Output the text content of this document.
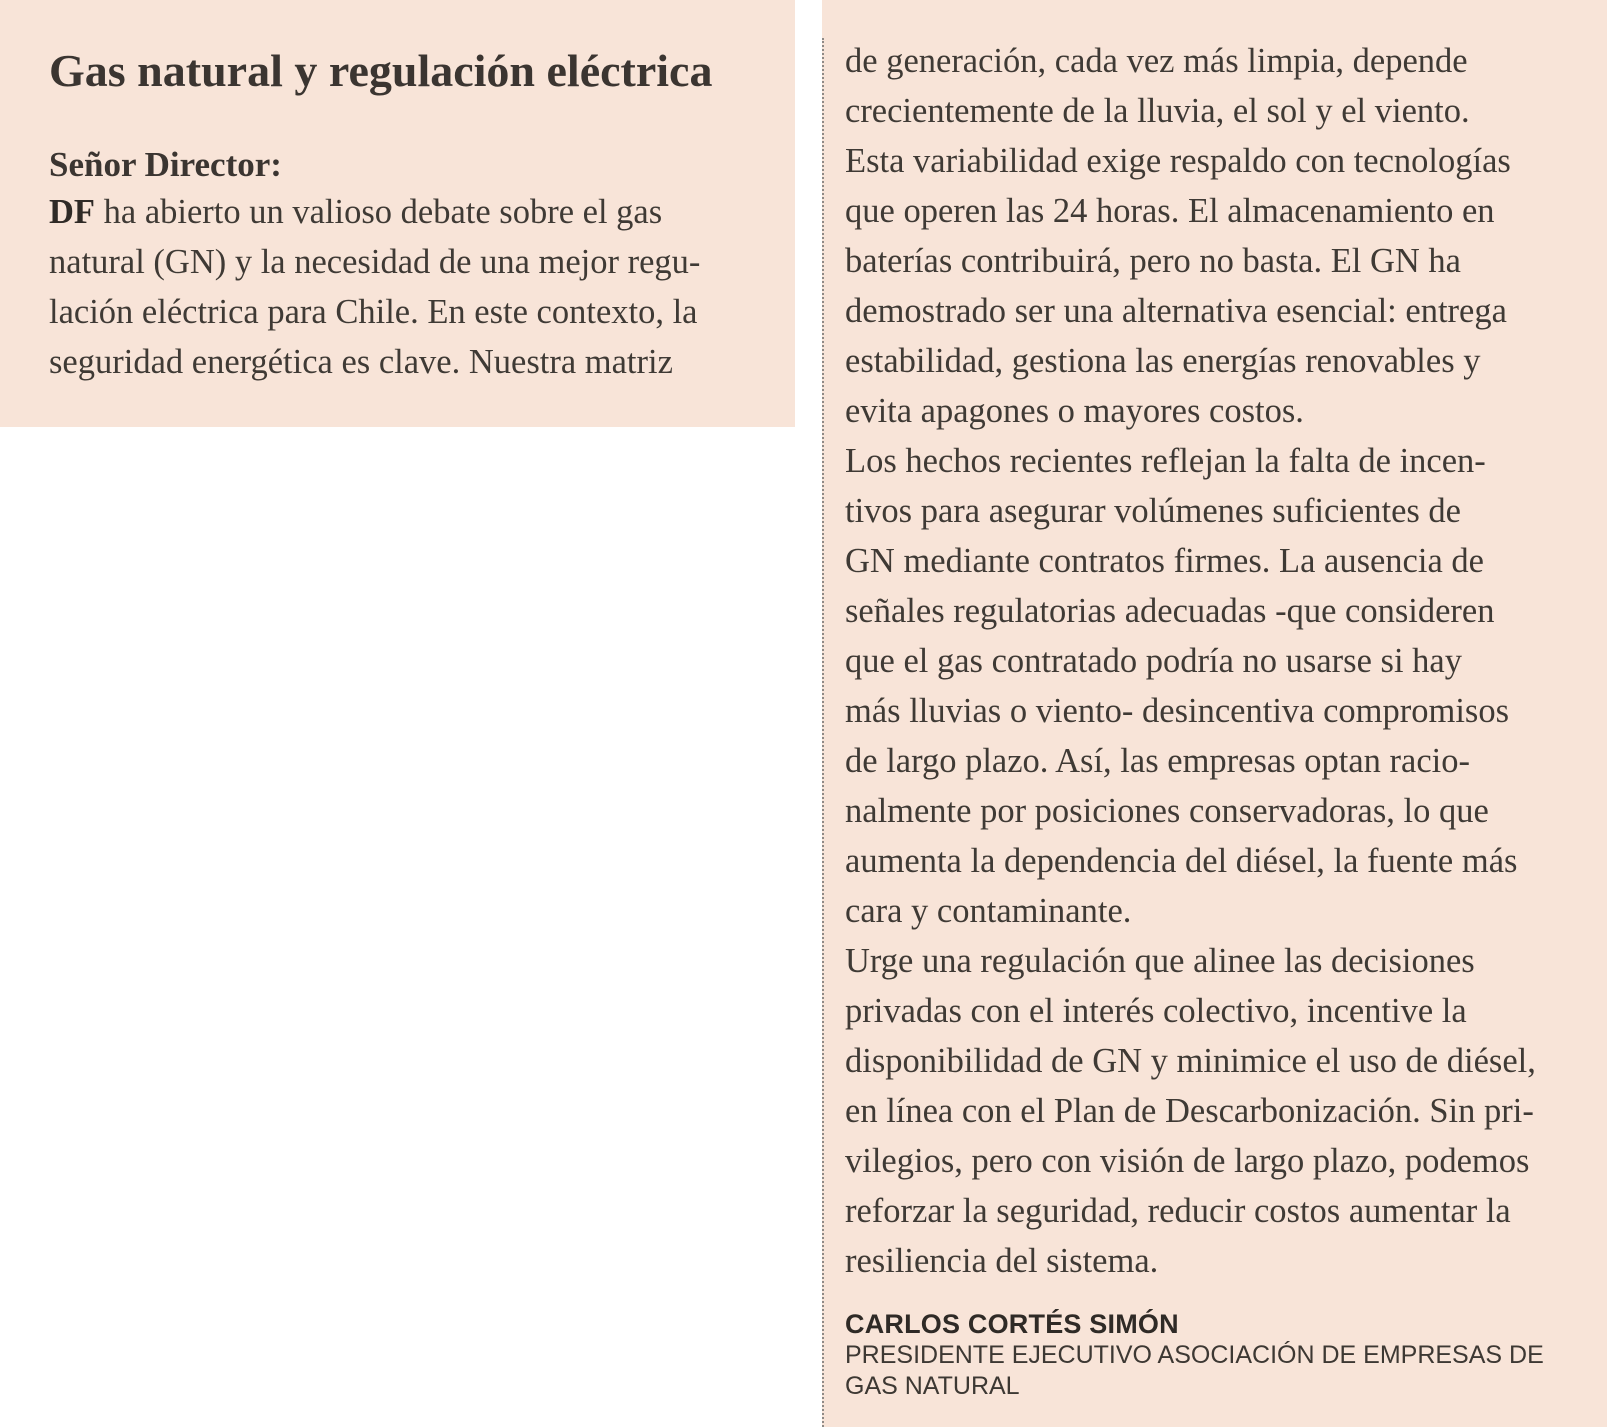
Gas natural y regulación eléctrica

Señor Director:

DF ha abierto un valioso debate sobre el gas
natural (GN) y la necesidad de una mejor regu-
lación eléctrica para Chile. En este contexto, la
seguridad energética es clave. Nuestra matriz
de generación, cada vez más limpia, depende
crecientemente de la lluvia, el sol y el viento.
Esta variabilidad exige respaldo con tecnologías
que operen las 24 horas. El almacenamiento en
baterías contribuirá, pero no basta. El GN ha
demostrado ser una alternativa esencial: entrega
estabilidad, gestiona las energías renovables y
evita apagones o mayores costos.
Los hechos recientes reflejan la falta de incen-
tivos para asegurar volúmenes suficientes de
GN mediante contratos firmes. La ausencia de
señales regulatorias adecuadas -que consideren
que el gas contratado podría no usarse si hay
más lluvias o viento- desincentiva compromisos
de largo plazo. Así, las empresas optan racio-
nalmente por posiciones conservadoras, lo que
aumenta la dependencia del diésel, la fuente más
cara y contaminante.
Urge una regulación que alinee las decisiones
privadas con el interés colectivo, incentive la
disponibilidad de GN y minimice el uso de diésel,
en línea con el Plan de Descarbonización. Sin pri-
vilegios, pero con visión de largo plazo, podemos
reforzar la seguridad, reducir costos aumentar la
resiliencia del sistema.
CARLOS CORTÉS SIMÓN
PRESIDENTE EJECUTIVO ASOCIACIÓN DE EMPRESAS DE GAS NATURAL
